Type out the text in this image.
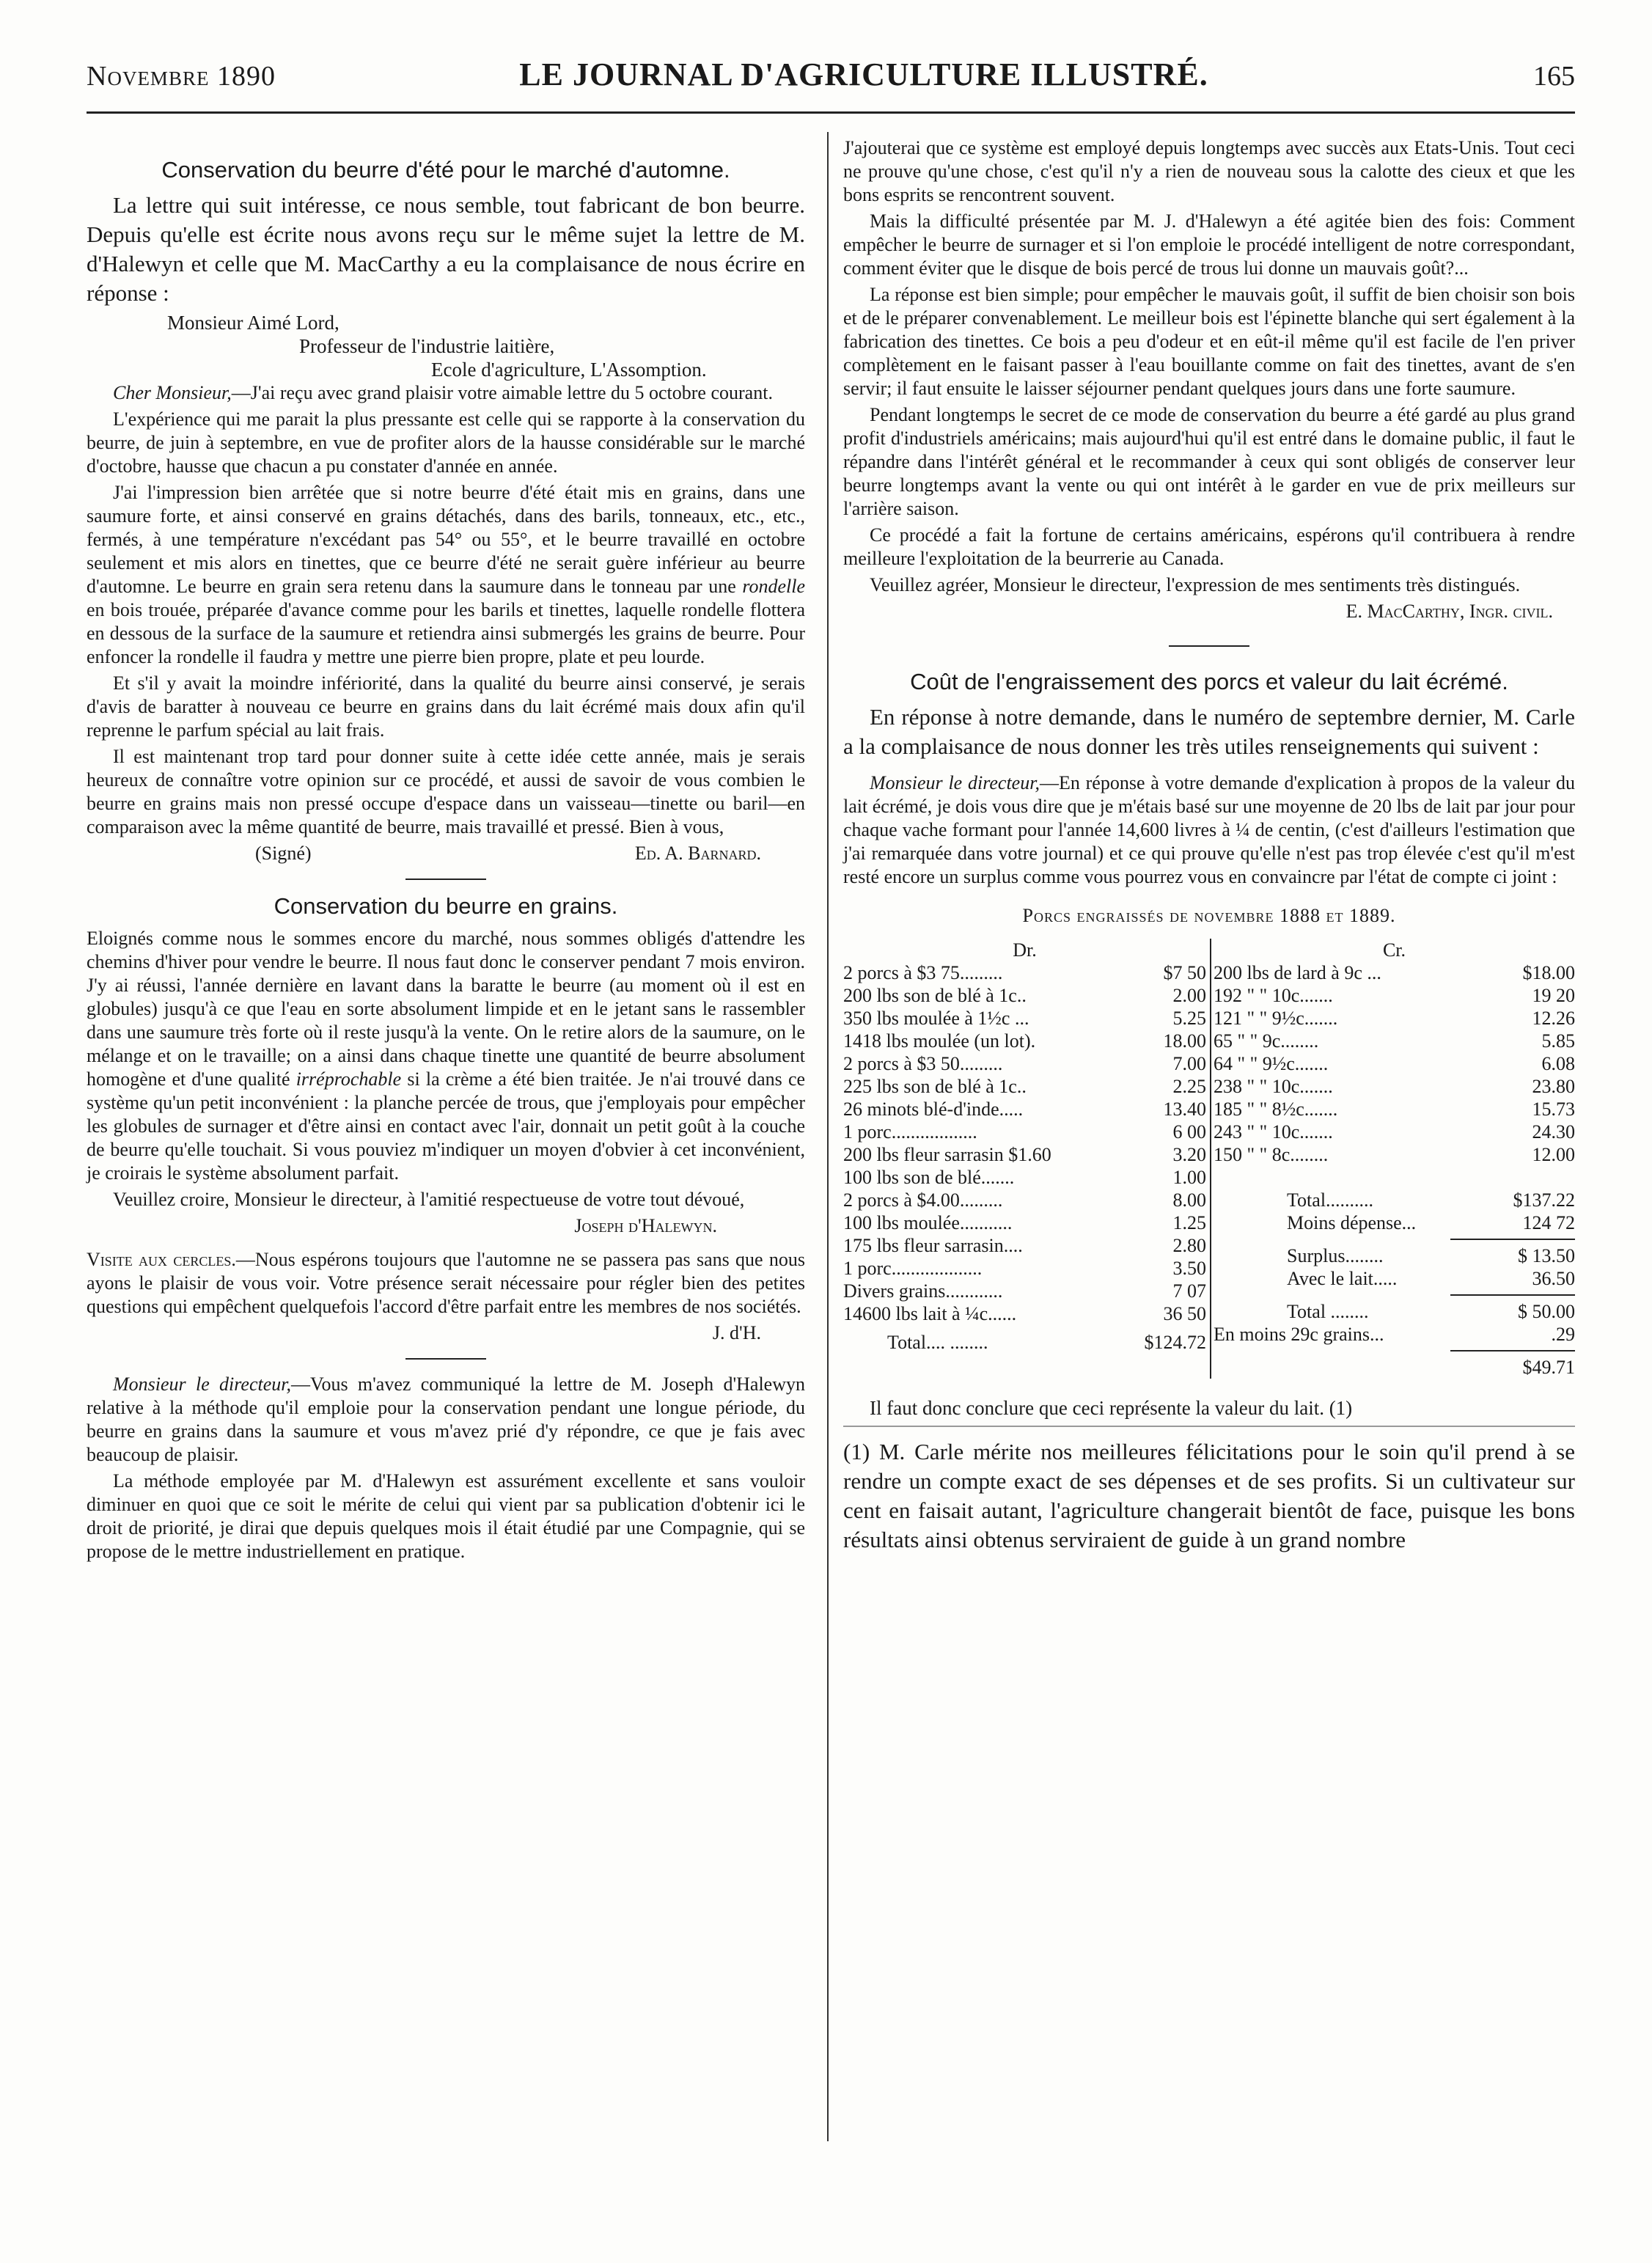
Novembre 1890	LE JOURNAL D'AGRICULTURE ILLUSTRÉ.	165
Conservation du beurre d'été pour le marché d'automne.

La lettre qui suit intéresse, ce nous semble, tout fabricant de bon beurre. Depuis qu'elle est écrite nous avons reçu sur le même sujet la lettre de M. d'Halewyn et celle que M. MacCarthy a eu la complaisance de nous écrire en réponse :

Monsieur Aimé Lord,
Professeur de l'industrie laitière,
Ecole d'agriculture, L'Assomption.

Cher Monsieur,—J'ai reçu avec grand plaisir votre aimable lettre du 5 octobre courant.

L'expérience qui me parait la plus pressante est celle qui se rapporte à la conservation du beurre, de juin à septembre, en vue de profiter alors de la hausse considérable sur le marché d'octobre, hausse que chacun a pu constater d'année en année.

J'ai l'impression bien arrêtée que si notre beurre d'été était mis en grains, dans une saumure forte, et ainsi conservé en grains détachés, dans des barils, tonneaux, etc., etc., fermés, à une température n'excédant pas 54° ou 55°, et le beurre travaillé en octobre seulement et mis alors en tinettes, que ce beurre d'été ne serait guère inférieur au beurre d'automne. Le beurre en grain sera retenu dans la saumure dans le tonneau par une rondelle en bois trouée, préparée d'avance comme pour les barils et tinettes, laquelle rondelle flottera en dessous de la surface de la saumure et retiendra ainsi submergés les grains de beurre. Pour enfoncer la rondelle il faudra y mettre une pierre bien propre, plate et peu lourde.

Et s'il y avait la moindre infériorité, dans la qualité du beurre ainsi conservé, je serais d'avis de baratter à nouveau ce beurre en grains dans du lait écrémé mais doux afin qu'il reprenne le parfum spécial au lait frais.

Il est maintenant trop tard pour donner suite à cette idée cette année, mais je serais heureux de connaître votre opinion sur ce procédé, et aussi de savoir de vous combien le beurre en grains mais non pressé occupe d'espace dans un vaisseau—tinette ou baril—en comparaison avec la même quantité de beurre, mais travaillé et pressé. Bien à vous,

(Signé)	Ed. A. Barnard.
Conservation du beurre en grains.

Eloignés comme nous le sommes encore du marché, nous sommes obligés d'attendre les chemins d'hiver pour vendre le beurre. Il nous faut donc le conserver pendant 7 mois environ. J'y ai réussi, l'année dernière en lavant dans la baratte le beurre (au moment où il est en globules) jusqu'à ce que l'eau en sorte absolument limpide et en le jetant sans le rassembler dans une saumure très forte où il reste jusqu'à la vente. On le retire alors de la saumure, on le mélange et on le travaille; on a ainsi dans chaque tinette une quantité de beurre absolument homogène et d'une qualité irréprochable si la crème a été bien traitée. Je n'ai trouvé dans ce système qu'un petit inconvénient : la planche percée de trous, que j'employais pour empêcher les globules de surnager et d'être ainsi en contact avec l'air, donnait un petit goût à la couche de beurre qu'elle touchait. Si vous pouviez m'indiquer un moyen d'obvier à cet inconvénient, je croirais le système absolument parfait.

Veuillez croire, Monsieur le directeur, à l'amitié respectueuse de votre tout dévoué,

Joseph d'Halewyn.

Visite aux cercles.—Nous espérons toujours que l'automne ne se passera pas sans que nous ayons le plaisir de vous voir. Votre présence serait nécessaire pour régler bien des petites questions qui empêchent quelquefois l'accord d'être parfait entre les membres de nos sociétés.

J. d'H.

Monsieur le directeur,—Vous m'avez communiqué la lettre de M. Joseph d'Halewyn relative à la méthode qu'il emploie pour la conservation pendant une longue période, du beurre en grains dans la saumure et vous m'avez prié d'y répondre, ce que je fais avec beaucoup de plaisir.

La méthode employée par M. d'Halewyn est assurément excellente et sans vouloir diminuer en quoi que ce soit le mérite de celui qui vient par sa publication d'obtenir ici le droit de priorité, je dirai que depuis quelques mois il était étudié par une Compagnie, qui se propose de le mettre industriellement en pratique.

J'ajouterai que ce système est employé depuis longtemps avec succès aux Etats-Unis. Tout ceci ne prouve qu'une chose, c'est qu'il n'y a rien de nouveau sous la calotte des cieux et que les bons esprits se rencontrent souvent.

Mais la difficulté présentée par M. J. d'Halewyn a été agitée bien des fois: Comment empêcher le beurre de surnager et si l'on emploie le procédé intelligent de notre correspondant, comment éviter que le disque de bois percé de trous lui donne un mauvais goût?...

La réponse est bien simple; pour empêcher le mauvais goût, il suffit de bien choisir son bois et de le préparer convenablement. Le meilleur bois est l'épinette blanche qui sert également à la fabrication des tinettes. Ce bois a peu d'odeur et en eût-il même qu'il est facile de l'en priver complètement en le faisant passer à l'eau bouillante comme on fait des tinettes, avant de s'en servir; il faut ensuite le laisser séjourner pendant quelques jours dans une forte saumure.

Pendant longtemps le secret de ce mode de conservation du beurre a été gardé au plus grand profit d'industriels américains; mais aujourd'hui qu'il est entré dans le domaine public, il faut le répandre dans l'intérêt général et le recommander à ceux qui sont obligés de conserver leur beurre longtemps avant la vente ou qui ont intérêt à le garder en vue de prix meilleurs sur l'arrière saison.

Ce procédé a fait la fortune de certains américains, espérons qu'il contribuera à rendre meilleure l'exploitation de la beurrerie au Canada.

Veuillez agréer, Monsieur le directeur, l'expression de mes sentiments très distingués.

E. MacCarthy, Ingr. civil.
Coût de l'engraissement des porcs et valeur du lait écrémé.

En réponse à notre demande, dans le numéro de septembre dernier, M. Carle a la complaisance de nous donner les très utiles renseignements qui suivent :

Monsieur le directeur,—En réponse à votre demande d'explication à propos de la valeur du lait écrémé, je dois vous dire que je m'étais basé sur une moyenne de 20 lbs de lait par jour pour chaque vache formant pour l'année 14,600 livres à ¼ de centin, (c'est d'ailleurs l'estimation que j'ai remarquée dans votre journal) et ce qui prouve qu'elle n'est pas trop élevée c'est qu'il m'est resté encore un surplus comme vous pourrez vous en convaincre par l'état de compte ci joint :

Porcs engraissés de novembre 1888 et 1889.
Dr.
2 porcs à $3 75.........	$7 50
200 lbs son de blé à 1c..	2.00
350 lbs moulée à 1½c ...	5.25
1418 lbs moulée (un lot).	18.00
2 porcs à $3 50.........	7.00
225 lbs son de blé à 1c..	2.25
26 minots blé-d'inde.....	13.40
1 porc..................	6 00
200 lbs fleur sarrasin $1.60	3.20
100 lbs son de blé.......	1.00
2 porcs à $4.00.........	8.00
100 lbs moulée...........	1.25
175 lbs fleur sarrasin....	2.80
1 porc...................	3.50
Divers grains............	7 07
14600 lbs lait à ¼c......	36 50
Total.... ........	$124.72
Cr.
200 lbs de lard à 9c ...	$18.00
192 " " 10c.......	19 20
121 " " 9½c.......	12.26
65 " " 9c........	5.85
64 " " 9½c.......	6.08
238 " " 10c.......	23.80
185 " " 8½c.......	15.73
243 " " 10c.......	24.30
150 " " 8c........	12.00
Total..........	$137.22
Moins dépense...	124 72
Surplus........	$ 13.50
Avec le lait.....	36.50
Total ........	$ 50.00
En moins 29c grains...	.29
$49.71

Il faut donc conclure que ceci représente la valeur du lait. (1)

(1) M. Carle mérite nos meilleures félicitations pour le soin qu'il prend à se rendre un compte exact de ses dépenses et de ses profits. Si un cultivateur sur cent en faisait autant, l'agriculture changerait bientôt de face, puisque les bons résultats ainsi obtenus serviraient de guide à un grand nombre
